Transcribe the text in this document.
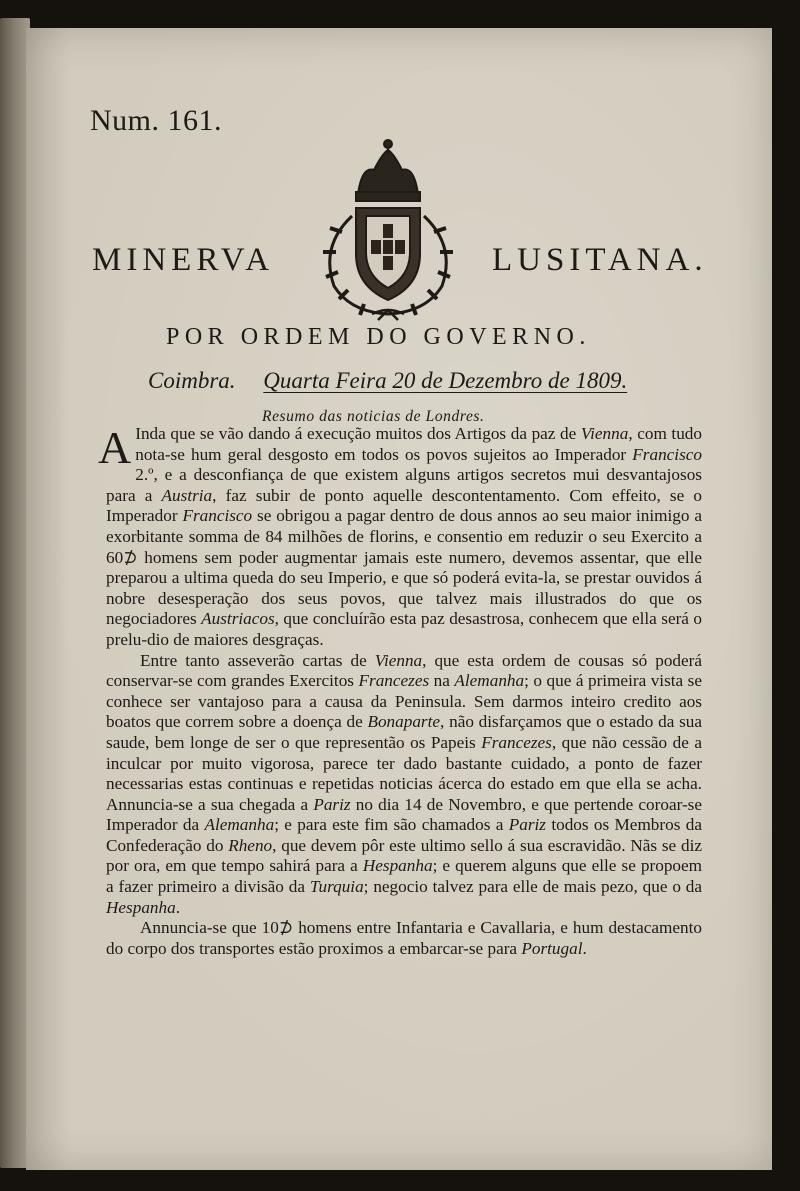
Num. 161.
MINERVA	LUSITANA.
POR ORDEM DO GOVERNO.
Coimbra. Quarta Feira 20 de Dezembro de 1809.
Resumo das noticias de Londres.

A Inda que se vão dando á execução muitos dos Artigos da paz de Vienna, com tudo nota-se hum geral desgosto em todos os povos sujeitos ao Imperador Francisco 2.º, e a desconfiança de que existem alguns artigos secretos mui desvantajosos para a Austria, faz subir de ponto aquelle descontentamento. Com effeito, se o Imperador Francisco se obrigou a pagar dentro de dous annos ao seu maior inimigo a exorbitante somma de 84 milhões de florins, e consentio em reduzir o seu Exercito a 60⊅ homens sem poder augmentar jamais este numero, devemos assentar, que elle preparou a ultima queda do seu Imperio, e que só poderá evita-la, se prestar ouvidos á nobre desesperação dos seus povos, que talvez mais illustrados do que os negociadores Austriacos, que concluírão esta paz desastrosa, conhecem que ella será o prelu-dio de maiores desgraças.

Entre tanto asseverão cartas de Vienna, que esta ordem de cousas só poderá conservar-se com grandes Exercitos Francezes na Alemanha; o que á primeira vista se conhece ser vantajoso para a causa da Peninsula. Sem darmos inteiro credito aos boatos que correm sobre a doença de Bonaparte, não disfarçamos que o estado da sua saude, bem longe de ser o que representão os Papeis Francezes, que não cessão de a inculcar por muito vigorosa, parece ter dado bastante cuidado, a ponto de fazer necessarias estas continuas e repetidas noticias ácerca do estado em que ella se acha. Annuncia-se a sua chegada a Pariz no dia 14 de Novembro, e que pertende coroar-se Imperador da Alemanha; e para este fim são chamados a Pariz todos os Membros da Confederação do Rheno, que devem pôr este ultimo sello á sua escravidão. Nãs se diz por ora, em que tempo sahirá para a Hespanha; e querem alguns que elle se propoem a fazer primeiro a divisão da Turquia; negocio talvez para elle de mais pezo, que o da Hespanha.

Annuncia-se que 10⊅ homens entre Infantaria e Cavallaria, e hum destacamento do corpo dos transportes estão proximos a embarcar-se para Portugal.
